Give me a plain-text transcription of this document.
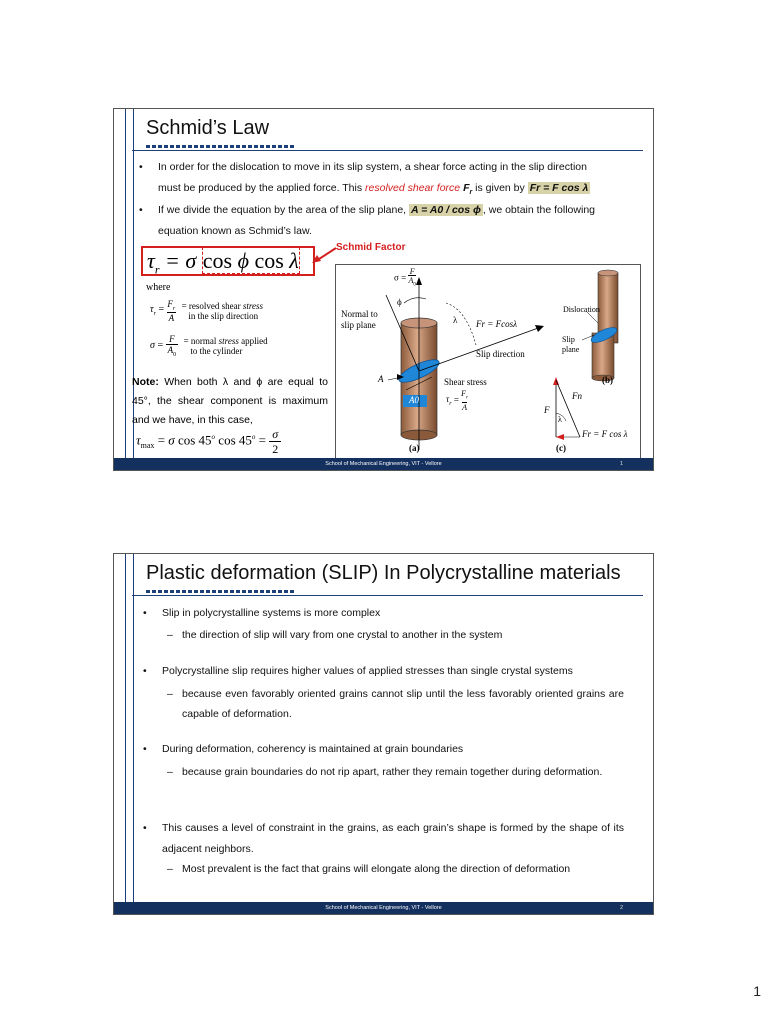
Schmid’s Law
• In order for the dislocation to move in its slip system, a shear force acting in the slip direction
must be produced by the applied force. This resolved shear force $F_r$ is given by Fr = F cos λ
• If we divide the equation by the area of the slip plane, A = A0 / cos ϕ , we obtain the following
equation known as Schmid’s law.
$\tau_r = \sigma$ cos ϕ cos λ
Schmid Factor
where
$\tau_r = \frac{F_r}{A}$ = resolved shear stress
in the slip direction
$\sigma = \frac{F}{A_0}$ = normal stress applied
to the cylinder
Note: When both λ and ϕ are equal to 45°, the shear component is maximum and we have, in this case,
$\tau_{max} = \sigma$ cos 45$^o$ $\cos 45^o = \frac{\sigma}{2}$
$\sigma = \frac{F}{A_0}$
Normal to slip plane
ϕ
λ Fr = Fcosλ
Slip direction
Shear stress
$\tau_r = \frac{F_r}{A}$
A
A0
(a)
Dislocation
Slip plane
(b)
Fn
F
λ
Fr = F cos λ
(c)
School of Mechanical Engineering, VIT - Vellore	1
Plastic deformation (SLIP) In Polycrystalline materials
• Slip in polycrystalline systems is more complex
– the direction of slip will vary from one crystal to another in the system
• Polycrystalline slip requires higher values of applied stresses than single crystal systems
– because even favorably oriented grains cannot slip until the less favorably oriented grains are capable of deformation.
• During deformation, coherency is maintained at grain boundaries
– because grain boundaries do not rip apart, rather they remain together during deformation.
• This causes a level of constraint in the grains, as each grain’s shape is formed by the shape of its adjacent neighbors.
– Most prevalent is the fact that grains will elongate along the direction of deformation
School of Mechanical Engineering, VIT - Vellore	2
1
